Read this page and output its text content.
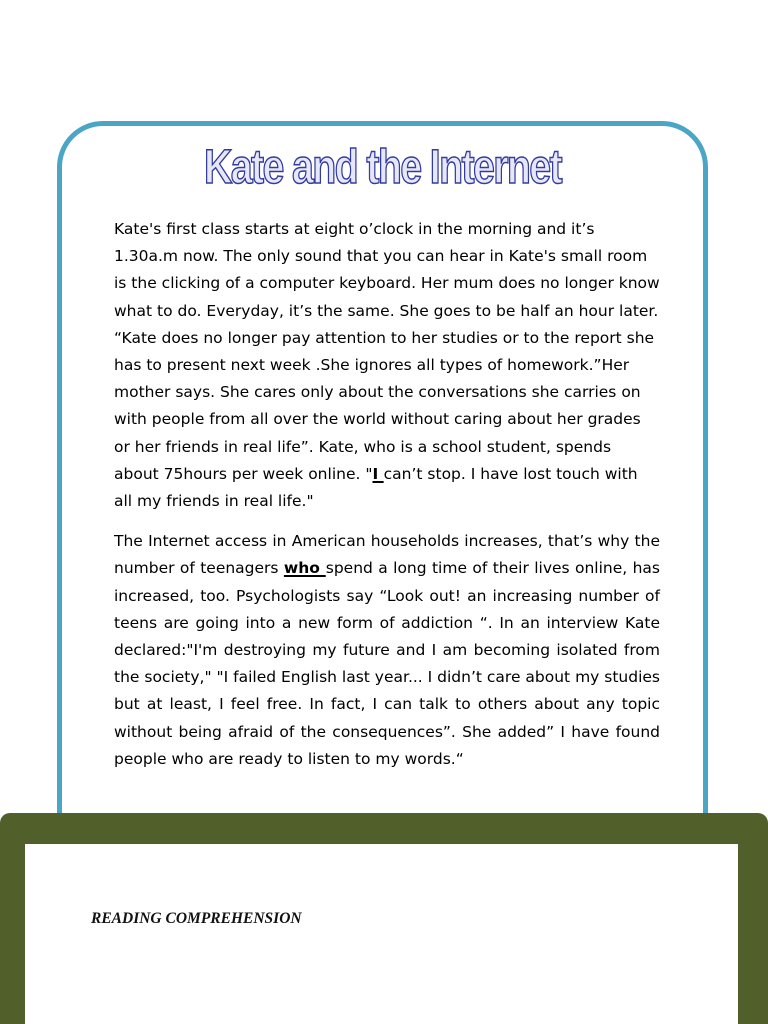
Kate and the Internet

Kate's first class starts at eight o’clock in the morning and it’s 1.30a.m now. The only sound that you can hear in Kate's small room is the clicking of a computer keyboard. Her mum does no longer know what to do. Everyday, it’s the same. She goes to be half an hour later. “Kate does no longer pay attention to her studies or to the report she has to present next week .She ignores all types of homework.”Her mother says. She cares only about the conversations she carries on with people from all over the world without caring about her grades or her friends in real life”. Kate, who is a school student, spends about 75hours per week online. "I can’t stop. I have lost touch with all my friends in real life."

The Internet access in American households increases, that’s why the number of teenagers who spend a long time of their lives online, has increased, too. Psychologists say “Look out! an increasing number of teens are going into a new form of addiction “. In an interview Kate declared:"I'm destroying my future and I am becoming isolated from the society," "I failed English last year... I didn’t care about my studies but at least, I feel free. In fact, I can talk to others about any topic without being afraid of the consequences”. She added” I have found people who are ready to listen to my words.“

READING COMPREHENSION
